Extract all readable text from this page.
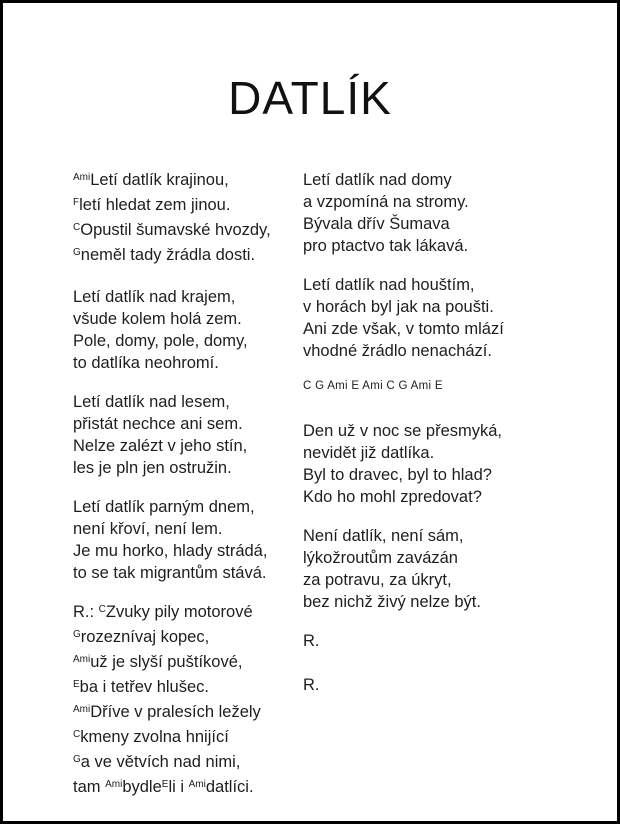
DATLÍK
$^{Ami}$Letí datlík krajinou,
$^F$letí hledat zem jinou.
$^C$Opustil šumavské hvozdy,
$^G$neměl tady žrádla dosti.
Letí datlík nad krajem,
všude kolem holá zem.
Pole, domy, pole, domy,
to datlíka neohromí.
Letí datlík nad lesem,
přistát nechce ani sem.
Nelze zalézt v jeho stín,
les je pln jen ostružin.
Letí datlík parným dnem,
není křoví, není lem.
Je mu horko, hlady strádá,
to se tak migrantům stává.
R.: $^C$Zvuky pily motorové
$^G$rozeznívaj kopec,
$^{Ami}$už je slyší puštíkové,
$^E$ba i tetřev hlušec.
$^{Ami}$Dříve v pralesích ležely
$^C$kmeny zvolna hnijící
$^G$a ve větvích nad nimi,
tam $^{Ami}$bydle$^E$li i $^{Ami}$datlíci.
Letí datlík nad domy
a vzpomíná na stromy.
Bývala dřív Šumava
pro ptactvo tak lákavá.
Letí datlík nad houštím,
v horách byl jak na poušti.
Ani zde však, v tomto mlází
vhodné žrádlo nenachází.
C G Ami E Ami C G Ami E
Den už v noc se přesmyká,
nevidět již datlíka.
Byl to dravec, byl to hlad?
Kdo ho mohl zpredovat?
Není datlík, není sám,
lýkožroutům zavázán
za potravu, za úkryt,
bez nichž živý nelze být.
R.
R.
